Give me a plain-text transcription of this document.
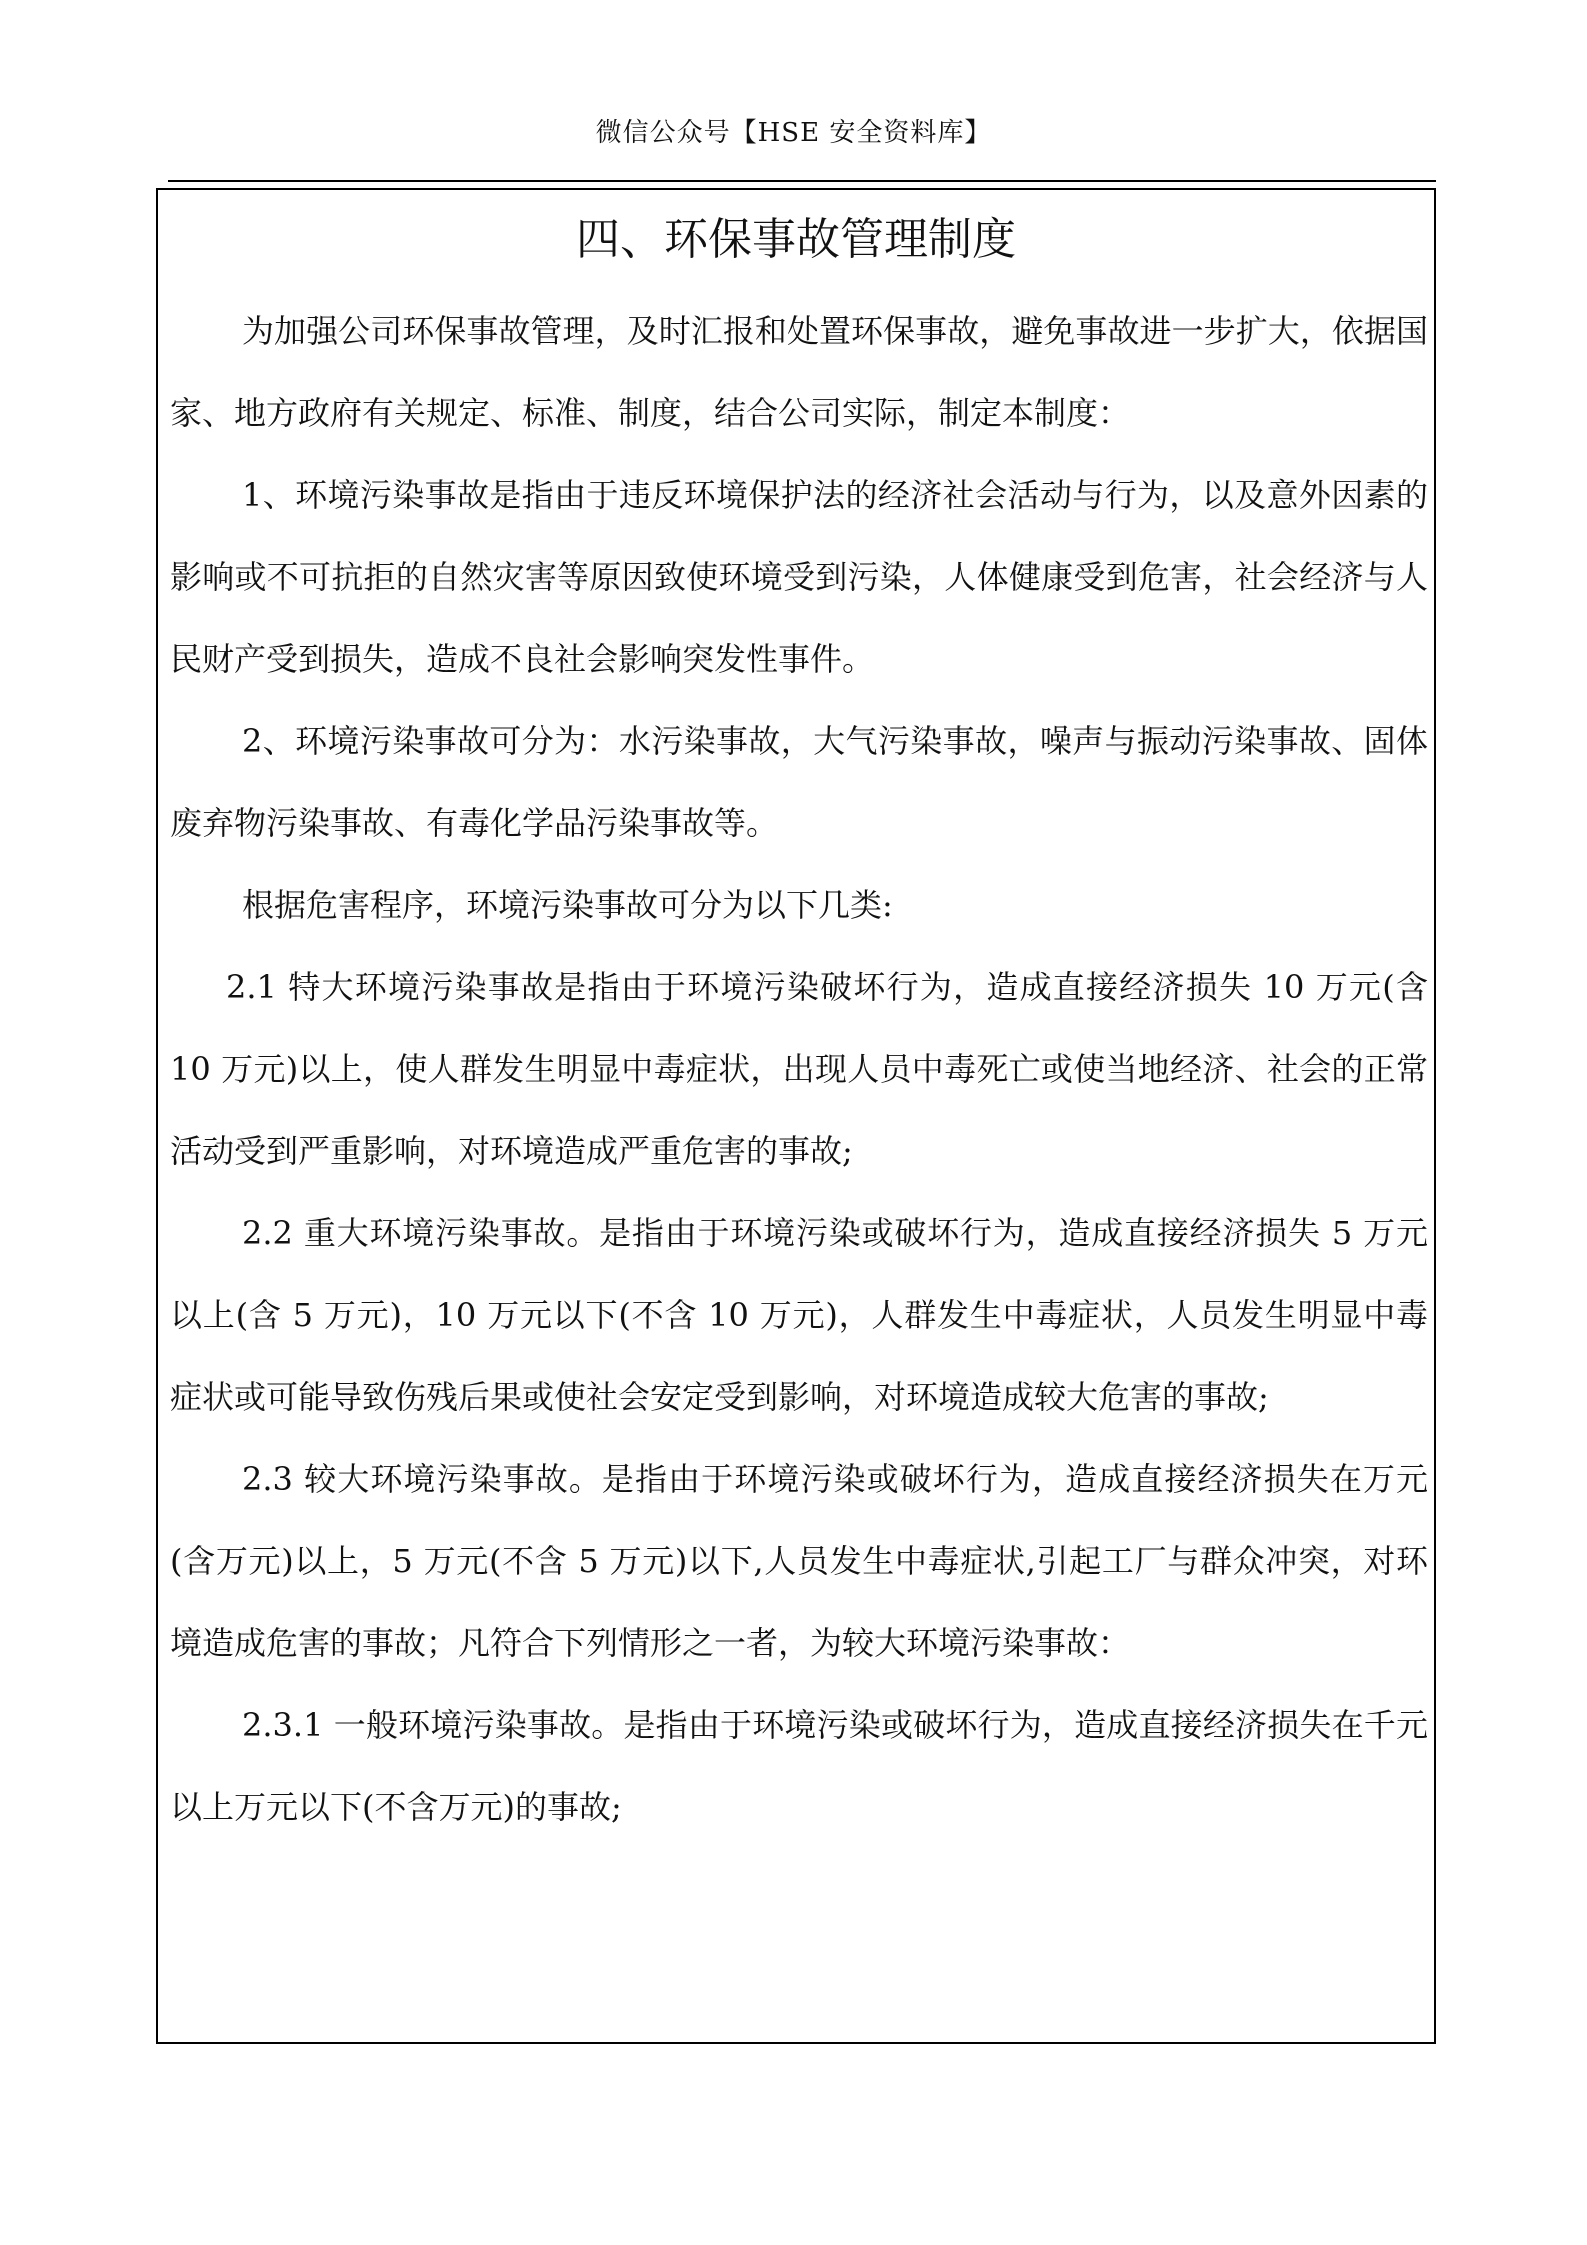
微信公众号【HSE 安全资料库】
四、环保事故管理制度

为加强公司环保事故管理，及时汇报和处置环保事故，避免事故进一步扩大，依据国家、地方政府有关规定、标准、制度，结合公司实际，制定本制度：

1、环境污染事故是指由于违反环境保护法的经济社会活动与行为，以及意外因素的影响或不可抗拒的自然灾害等原因致使环境受到污染，人体健康受到危害，社会经济与人民财产受到损失，造成不良社会影响突发性事件。

2、环境污染事故可分为：水污染事故，大气污染事故，噪声与振动污染事故、固体废弃物污染事故、有毒化学品污染事故等。

根据危害程序，环境污染事故可分为以下几类:

2.1 特大环境污染事故是指由于环境污染破坏行为，造成直接经济损失 10 万元(含 10 万元)以上，使人群发生明显中毒症状，出现人员中毒死亡或使当地经济、社会的正常活动受到严重影响，对环境造成严重危害的事故;

2.2 重大环境污染事故。是指由于环境污染或破坏行为，造成直接经济损失 5 万元以上(含 5 万元)，10 万元以下(不含 10 万元)，人群发生中毒症状，人员发生明显中毒症状或可能导致伤残后果或使社会安定受到影响，对环境造成较大危害的事故;

2.3 较大环境污染事故。是指由于环境污染或破坏行为，造成直接经济损失在万元(含万元)以上，5 万元(不含 5 万元)以下,人员发生中毒症状,引起工厂与群众冲突，对环境造成危害的事故；凡符合下列情形之一者，为较大环境污染事故：

2.3.1 一般环境污染事故。是指由于环境污染或破坏行为，造成直接经济损失在千元以上万元以下(不含万元)的事故;
